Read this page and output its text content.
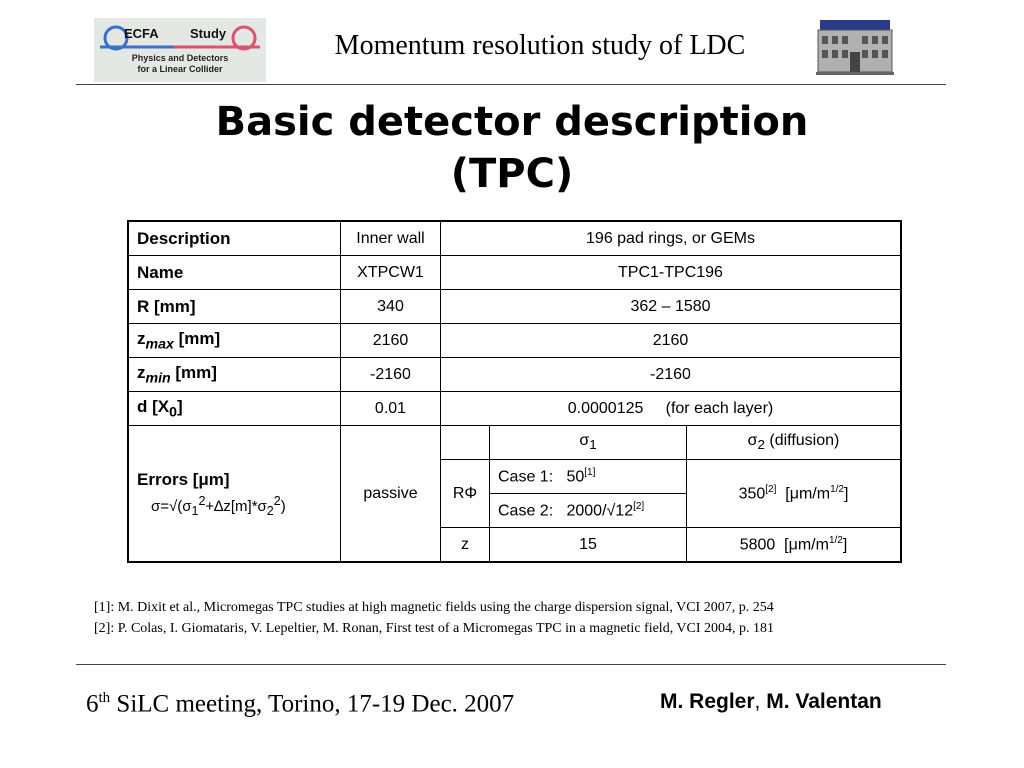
ECFA Study
Physics and Detectors
for a Linear Collider
Momentum resolution study of LDC
Basic detector description
(TPC)
Description	Inner wall	196 pad rings, or GEMs		
Name	XTPCW1	TPC1-TPC196		
R [mm]	340	362 – 1580		
$z_{max}$ [mm]	2160	2160		
$z_{min}$ [mm]	-2160	-2160		
d $[X_0]$	0.01	0.0000125     (for each layer)		

Errors [μm]
$\sigma=√(\sigma_1^2+\Delta z[m]*\sigma_2^2)$	passive		$\sigma_1$	$\sigma_2$ (diffusion)
		RΦ	Case 1:   50[1]	350[2]  $[\mu m/m^{1/2}]$
			Case 2:   2000/√12[2]
		z	15	5800  $[\mu m/m^{1/2}]$
[1]: M. Dixit et al., Micromegas TPC studies at high magnetic fields using the charge dispersion signal, VCI 2007, p. 254
[2]: P. Colas, I. Giomataris, V. Lepeltier, M. Ronan, First test of a Micromegas TPC in a magnetic field, VCI 2004, p. 181
6th SiLC meeting, Torino, 17-19 Dec. 2007	M. Regler, M. Valentan
